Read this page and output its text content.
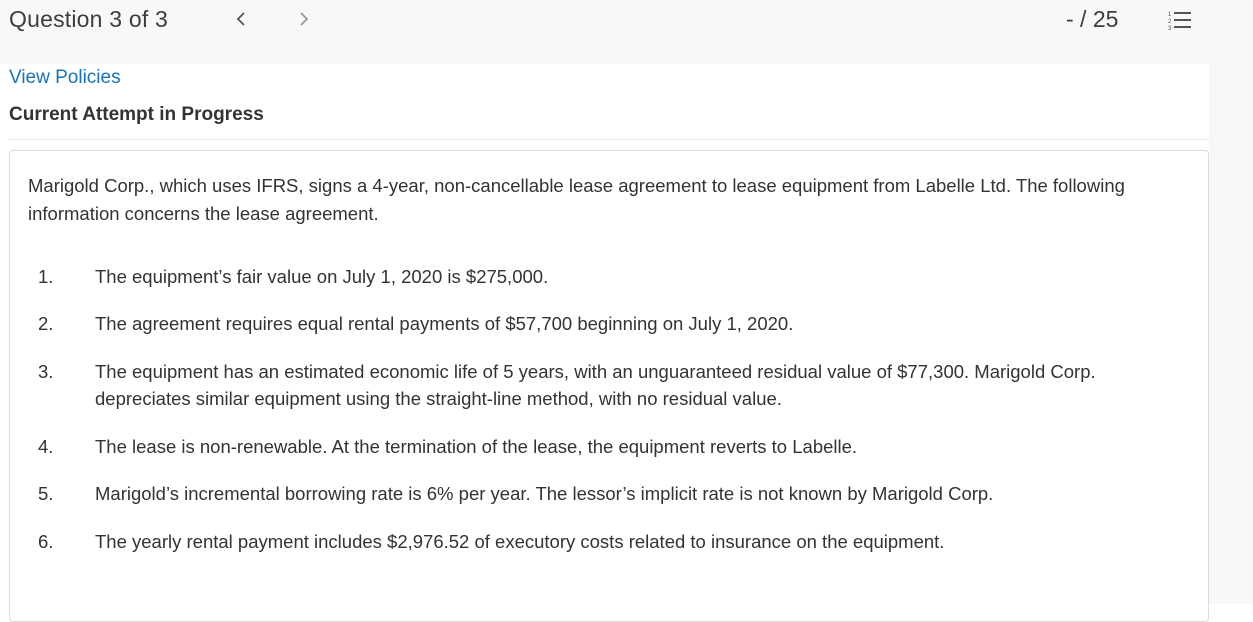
Question 3 of 3	- / 25	1
2
3
View Policies
Current Attempt in Progress
Marigold Corp., which uses IFRS, signs a 4-year, non-cancellable lease agreement to lease equipment from Labelle Ltd. The following information concerns the lease agreement.
1.	The equipment’s fair value on July 1, 2020 is $275,000.
2.	The agreement requires equal rental payments of $57,700 beginning on July 1, 2020.
3.	The equipment has an estimated economic life of 5 years, with an unguaranteed residual value of $77,300. Marigold Corp. depreciates similar equipment using the straight-line method, with no residual value.
4.	The lease is non-renewable. At the termination of the lease, the equipment reverts to Labelle.
5.	Marigold’s incremental borrowing rate is 6% per year. The lessor’s implicit rate is not known by Marigold Corp.
6.	The yearly rental payment includes $2,976.52 of executory costs related to insurance on the equipment.
